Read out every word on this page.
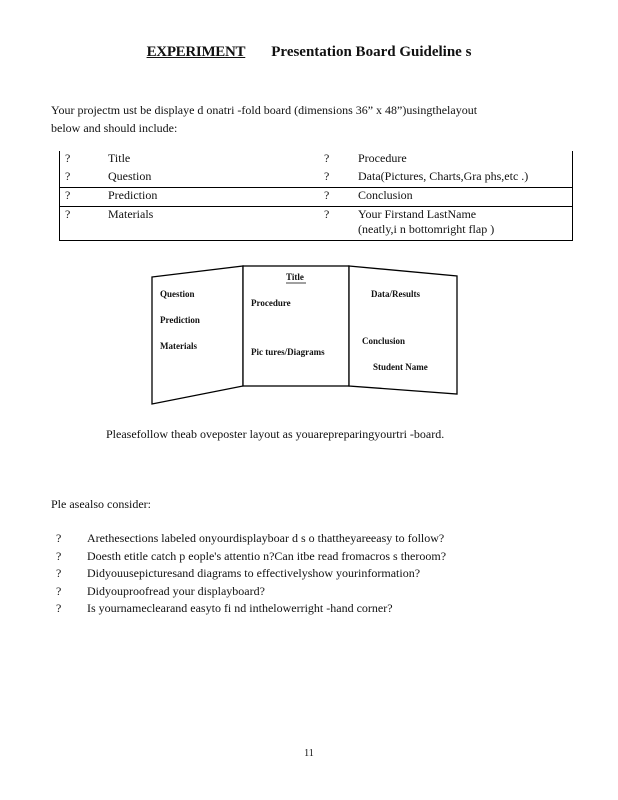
EXPERIMENT Presentation Board Guideline s
Your projectm ust be displaye d onatri -fold board (dimensions 36” x 48”)usingthelayout
below and should include:
?	Title	?	Procedure
?	Question	?	Data(Pictures, Charts,Gra phs,etc .)
?	Prediction	?	Conclusion
?	Materials	?	Your Firstand LastName
(neatly,i n bottomright flap )
Title
Question
Prediction
Materials
Procedure
Pic tures/Diagrams
Data/Results
Conclusion
Student Name
Pleasefollow theab oveposter layout as youarepreparingyourtri -board.
Ple asealso consider:
? Arethesections labeled onyourdisplayboar d s o thattheyareeasy to follow?
? Doesth etitle catch p eople's attentio n?Can itbe read fromacros s theroom?
? Didyouusepicturesand diagrams to effectivelyshow yourinformation?
? Didyouproofread your displayboard?
? Is yournameclearand easyto fi nd inthelowerright -hand corner?
11
